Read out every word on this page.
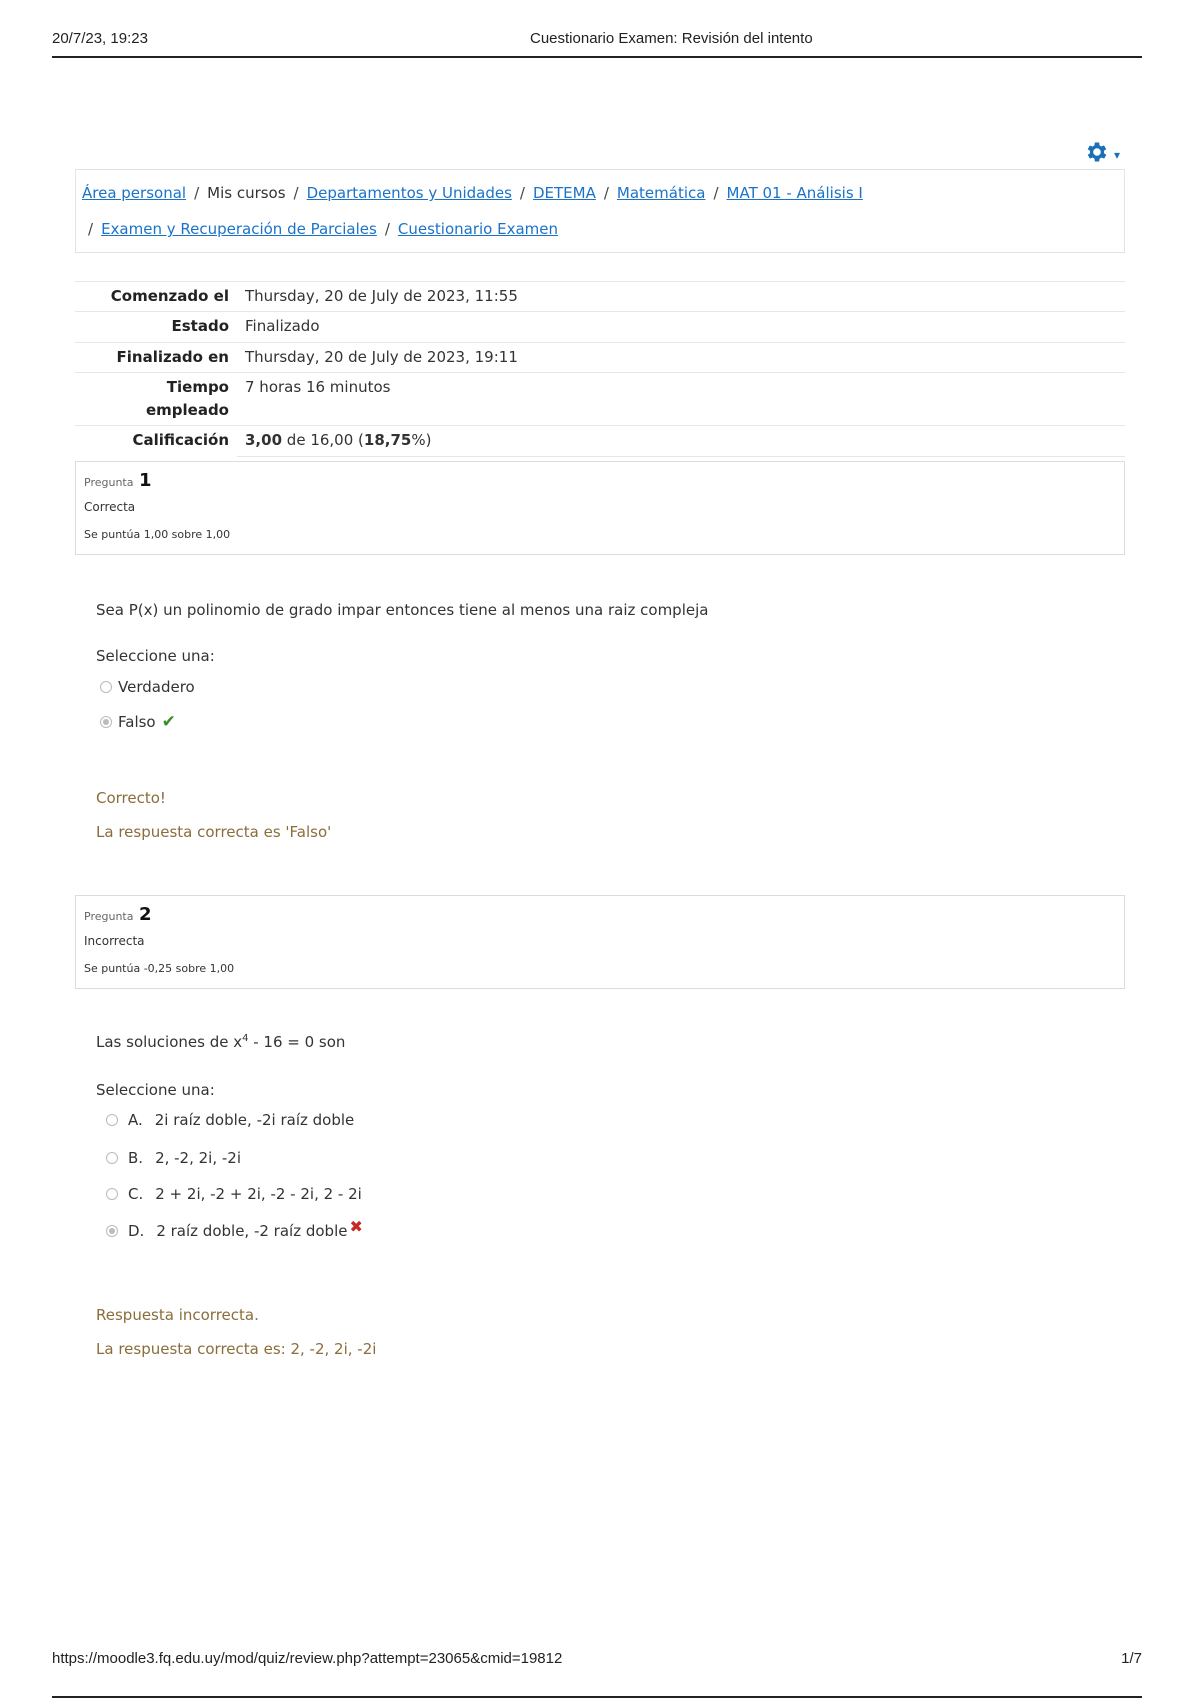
20/7/23, 19:23	Cuestionario Examen: Revisión del intento
▾
Área personal / Mis cursos / Departamentos y Unidades / DETEMA / Matemática / MAT 01 - Análisis I
/ Examen y Recuperación de Parciales / Cuestionario Examen
Comenzado el	Thursday, 20 de July de 2023, 11:55
Estado	Finalizado
Finalizado en	Thursday, 20 de July de 2023, 19:11
Tiempo
empleado	7 horas 16 minutos
Calificación	3,00 de 16,00 (18,75%)
Pregunta 1
Correcta
Se puntúa 1,00 sobre 1,00
Sea P(x) un polinomio de grado impar entonces tiene al menos una raiz compleja
Seleccione una:
Verdadero
Falso ✔
Correcto!
La respuesta correcta es 'Falso'
Pregunta 2
Incorrecta
Se puntúa -0,25 sobre 1,00
Las soluciones de $x^4 - 16 = 0$ son
Seleccione una:
A. 2i raíz doble, -2i raíz doble
B. 2, -2, 2i, -2i
C. 2 + 2i, -2 + 2i, -2 - 2i, 2 - 2i
D. 2 raíz doble, -2 raíz doble ✖
Respuesta incorrecta.
La respuesta correcta es: 2, -2, 2i, -2i
https://moodle3.fq.edu.uy/mod/quiz/review.php?attempt=23065&cmid=19812	1/7
